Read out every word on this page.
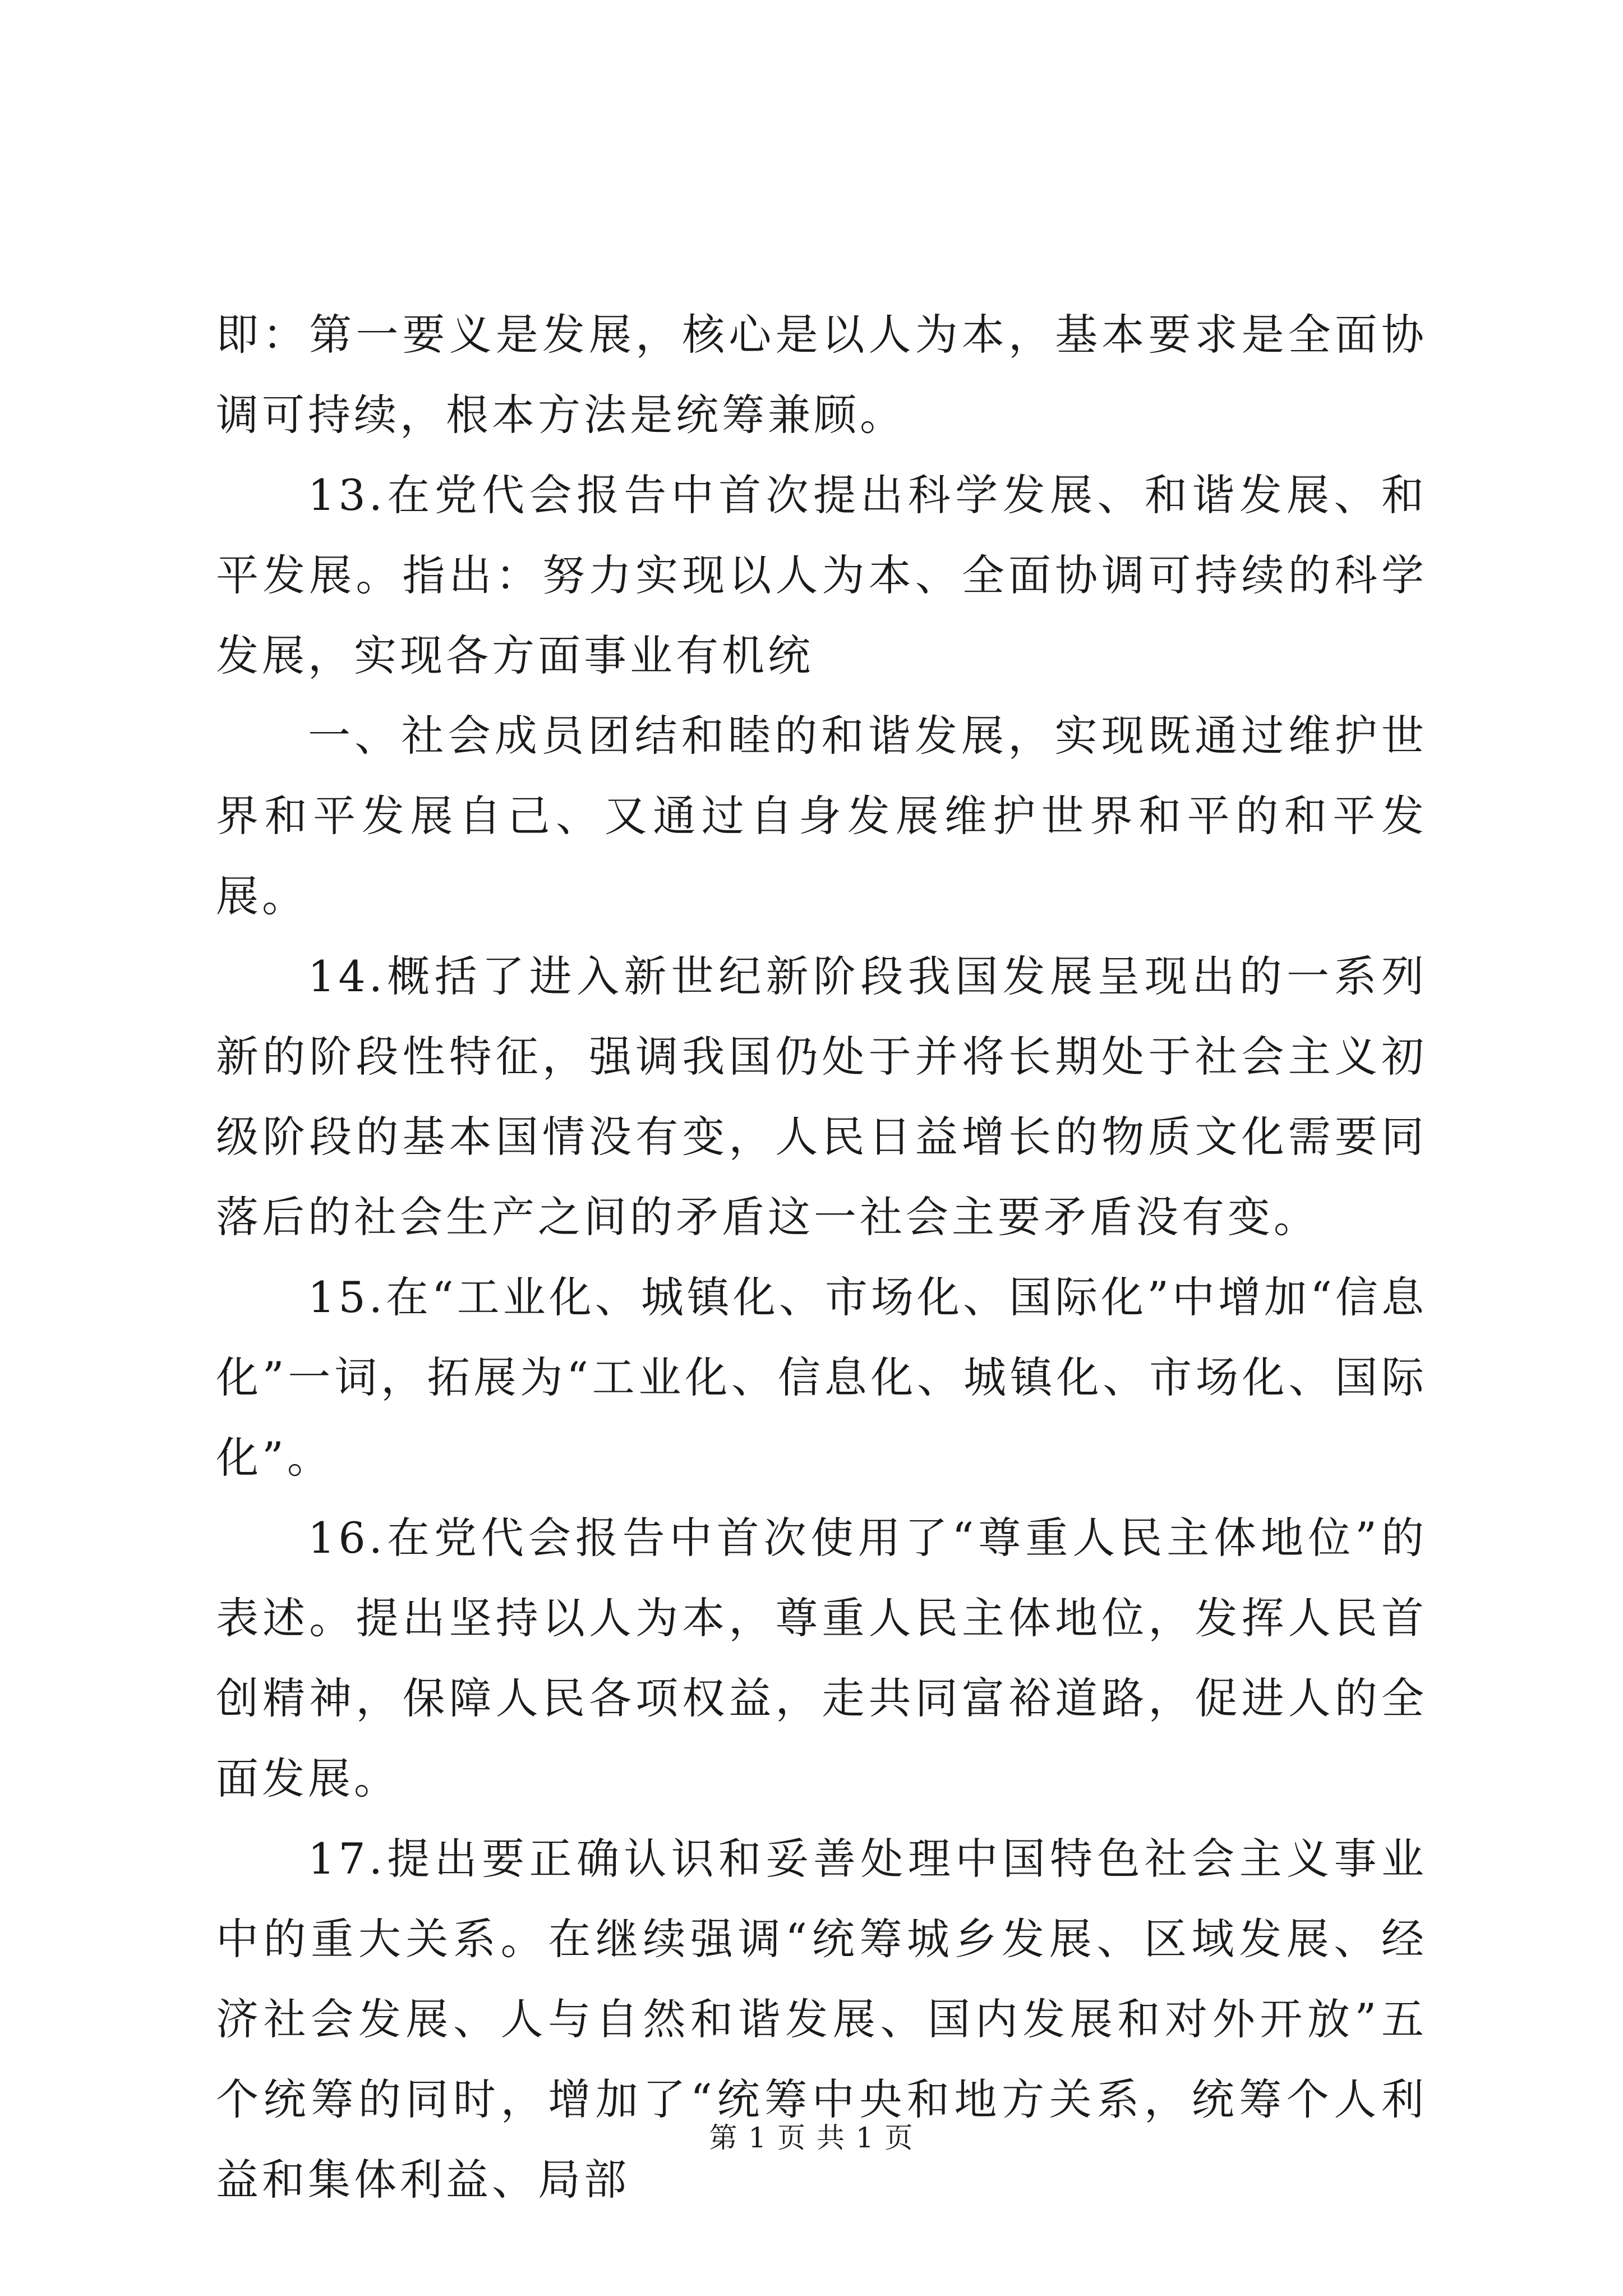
即：第一要义是发展，核心是以人为本，基本要求是全面协调可持续，根本方法是统筹兼顾。

13.在党代会报告中首次提出科学发展、和谐发展、和平发展。指出：努力实现以人为本、全面协调可持续的科学发展，实现各方面事业有机统

一、社会成员团结和睦的和谐发展，实现既通过维护世界和平发展自己、又通过自身发展维护世界和平的和平发展。

14.概括了进入新世纪新阶段我国发展呈现出的一系列新的阶段性特征，强调我国仍处于并将长期处于社会主义初级阶段的基本国情没有变，人民日益增长的物质文化需要同落后的社会生产之间的矛盾这一社会主要矛盾没有变。

15.在“工业化、城镇化、市场化、国际化”中增加“信息化”一词，拓展为“工业化、信息化、城镇化、市场化、国际化”。

16.在党代会报告中首次使用了“尊重人民主体地位”的表述。提出坚持以人为本，尊重人民主体地位，发挥人民首创精神，保障人民各项权益，走共同富裕道路，促进人的全面发展。

17.提出要正确认识和妥善处理中国特色社会主义事业中的重大关系。在继续强调“统筹城乡发展、区域发展、经济社会发展、人与自然和谐发展、国内发展和对外开放”五个统筹的同时，增加了“统筹中央和地方关系，统筹个人利益和集体利益、局部

第 1 页 共 1 页
